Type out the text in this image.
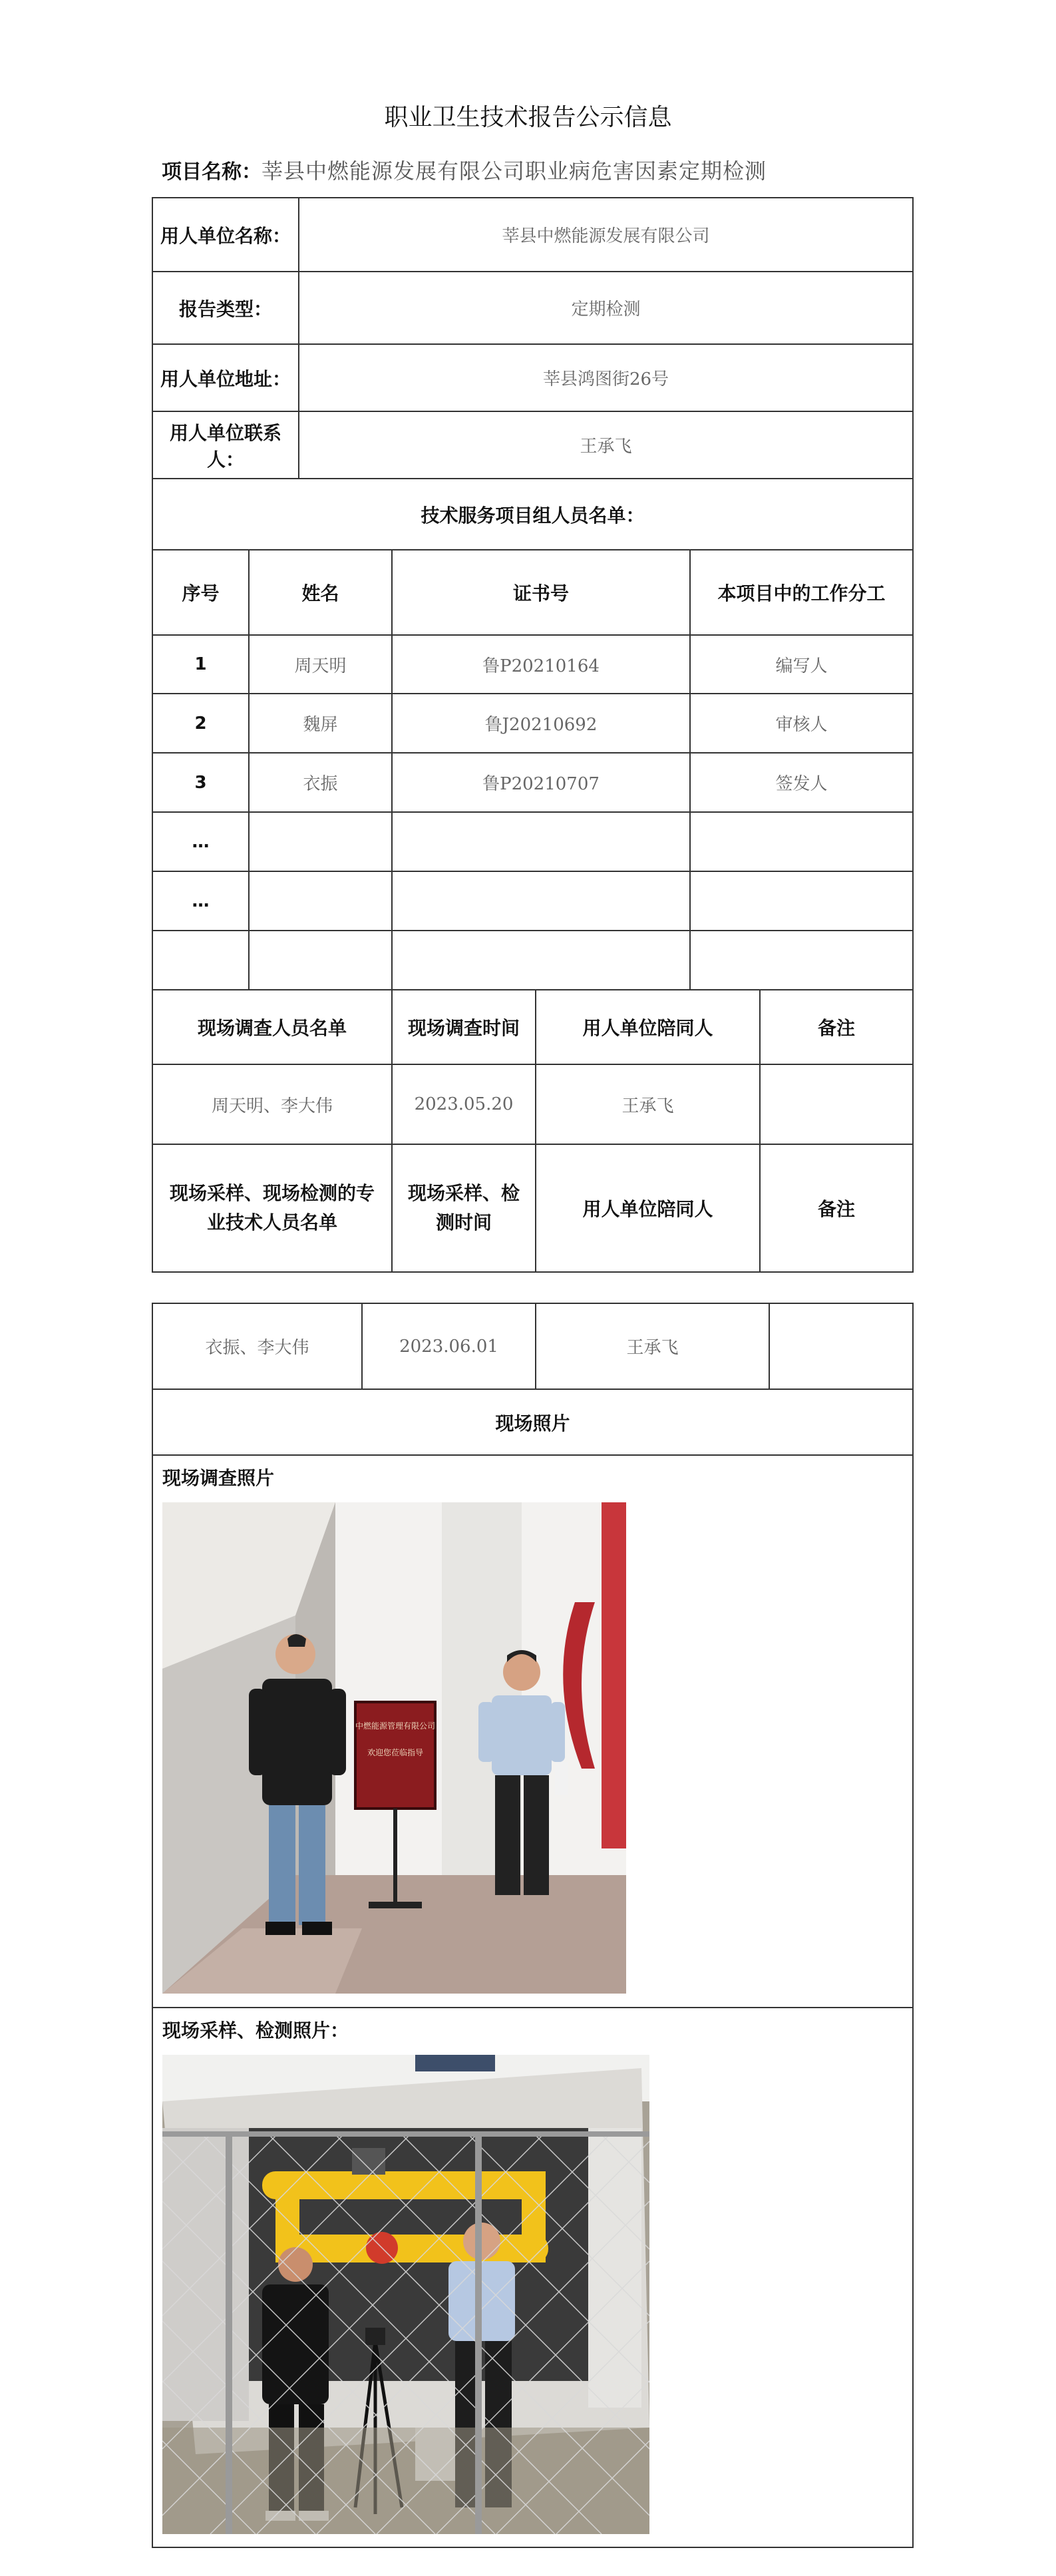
职业卫生技术报告公示信息
项目名称：莘县中燃能源发展有限公司职业病危害因素定期检测
用人单位名称：		莘县中燃能源发展有限公司				
报告类型：		定期检测				
用人单位地址：		莘县鸿图街26号				
用人单位联系人：		王承飞				
技术服务项目组人员名单：						
序号	姓名		证书号		本项目中的工作分工	
1	周天明		鲁P20210164		编写人	
2	魏屏		鲁J20210692		审核人	
3	衣振		鲁P20210707		签发人	
…						
…						

现场调查人员名单			现场调查时间	用人单位陪同人		备注
周天明、李大伟			2023.05.20	王承飞		
现场采样、现场检测的专业技术人员名单			现场采样、检测时间	用人单位陪同人		备注
衣振、李大伟	2023.06.01	王承飞	
现场照片

现场调查照片
中燃能源管理有限公司
欢迎您莅临指导

现场采样、检测照片：
